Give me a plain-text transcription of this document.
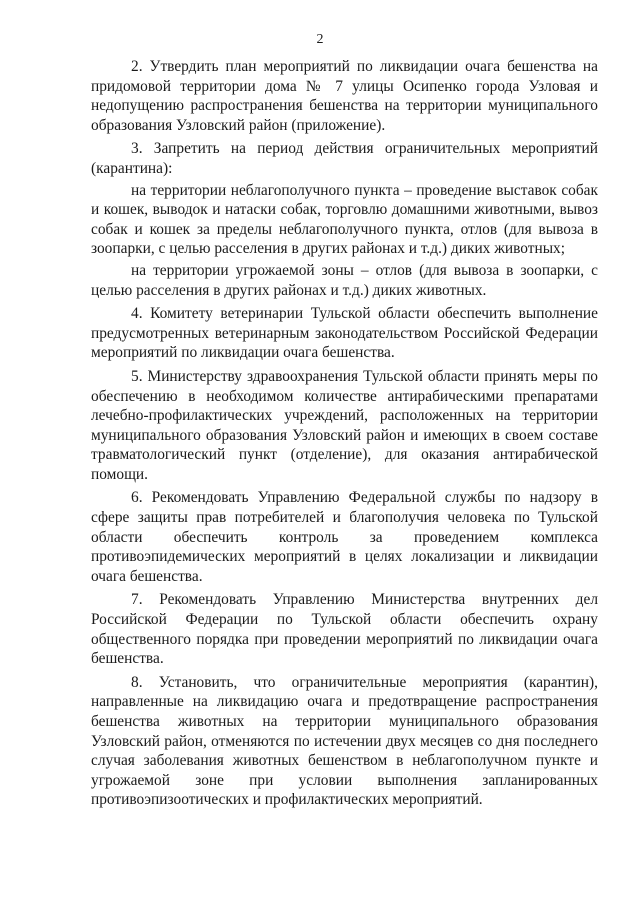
2

2. Утвердить план мероприятий по ликвидации очага бешенства на придомовой территории дома № 7 улицы Осипенко города Узловая и недопущению распространения бешенства на территории муниципального образования Узловский район (приложение).

3. Запретить на период действия ограничительных мероприятий (карантина):

на территории неблагополучного пункта – проведение выставок собак и кошек, выводок и натаски собак, торговлю домашними животными, вывоз собак и кошек за пределы неблагополучного пункта, отлов (для вывоза в зоопарки, с целью расселения в других районах и т.д.) диких животных;

на территории угрожаемой зоны – отлов (для вывоза в зоопарки, с целью расселения в других районах и т.д.) диких животных.

4. Комитету ветеринарии Тульской области обеспечить выполнение предусмотренных ветеринарным законодательством Российской Федерации мероприятий по ликвидации очага бешенства.

5. Министерству здравоохранения Тульской области принять меры по обеспечению в необходимом количестве антирабическими препаратами лечебно-профилактических учреждений, расположенных на территории муниципального образования Узловский район и имеющих в своем составе травматологический пункт (отделение), для оказания антирабической помощи.

6. Рекомендовать Управлению Федеральной службы по надзору в сфере защиты прав потребителей и благополучия человека по Тульской области обеспечить контроль за проведением комплекса противоэпидемических мероприятий в целях локализации и ликвидации очага бешенства.

7. Рекомендовать Управлению Министерства внутренних дел Российской Федерации по Тульской области обеспечить охрану общественного порядка при проведении мероприятий по ликвидации очага бешенства.

8. Установить, что ограничительные мероприятия (карантин), направленные на ликвидацию очага и предотвращение распространения бешенства животных на территории муниципального образования Узловский район, отменяются по истечении двух месяцев со дня последнего случая заболевания животных бешенством в неблагополучном пункте и угрожаемой зоне при условии выполнения запланированных противоэпизоотических и профилактических мероприятий.
